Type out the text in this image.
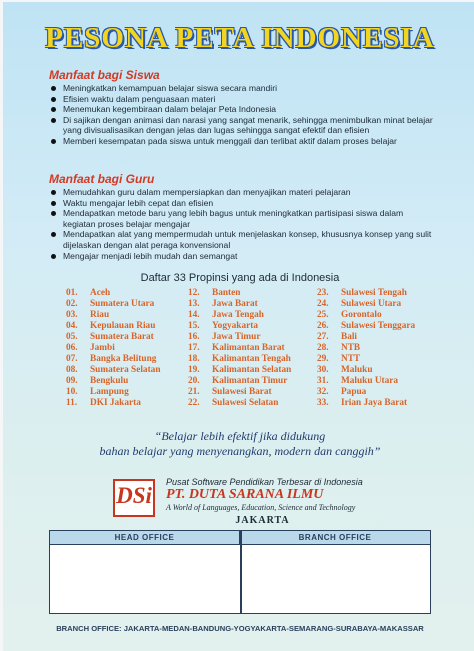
PESONA PETA INDONESIA
Manfaat bagi Siswa
Meningkatkan kemampuan belajar siswa secara mandiri
Efisien waktu dalam penguasaan materi
Menemukan kegembiraan dalam belajar Peta Indonesia
Di sajikan dengan animasi dan narasi yang sangat menarik, sehingga menimbulkan minat belajar yang divisualisasikan dengan jelas dan lugas sehingga sangat efektif dan efisien
Memberi kesempatan pada siswa untuk menggali dan terlibat aktif dalam proses belajar
Manfaat bagi Guru
Memudahkan guru dalam mempersiapkan dan menyajikan materi pelajaran
Waktu mengajar lebih cepat dan efisien
Mendapatkan metode baru yang lebih bagus untuk meningkatkan partisipasi siswa dalam kegiatan proses belajar mengajar
Mendapatkan alat yang mempermudah untuk menjelaskan konsep, khususnya konsep yang sulit dijelaskan dengan alat peraga konvensional
Mengajar menjadi lebih mudah dan semangat
Daftar 33 Propinsi yang ada di Indonesia
01. Aceh
02. Sumatera Utara
03. Riau
04. Kepulauan Riau
05. Sumatera Barat
06. Jambi
07. Bangka Belitung
08. Sumatera Selatan
09. Bengkulu
10. Lampung
11. DKI Jakarta
12. Banten
13. Jawa Barat
14. Jawa Tengah
15. Yogyakarta
16. Jawa Timur
17. Kalimantan Barat
18. Kalimantan Tengah
19. Kalimantan Selatan
20. Kalimantan Timur
21. Sulawesi Barat
22. Sulawesi Selatan
23. Sulawesi Tengah
24. Sulawesi Utara
25. Gorontalo
26. Sulawesi Tenggara
27. Bali
28. NTB
29. NTT
30. Maluku
31. Maluku Utara
32. Papua
33. Irian Jaya Barat
“Belajar lebih efektif jika didukung
bahan belajar yang menyenangkan, modern dan canggih”
DSi
Pusat Software Pendidikan Terbesar di Indonesia
PT. DUTA SARANA ILMU
A World of Languages, Education, Science and Technology
JAKARTA
HEAD OFFICE	BRANCH OFFICE
BRANCH OFFICE: JAKARTA-MEDAN-BANDUNG-YOGYAKARTA-SEMARANG-SURABAYA-MAKASSAR
